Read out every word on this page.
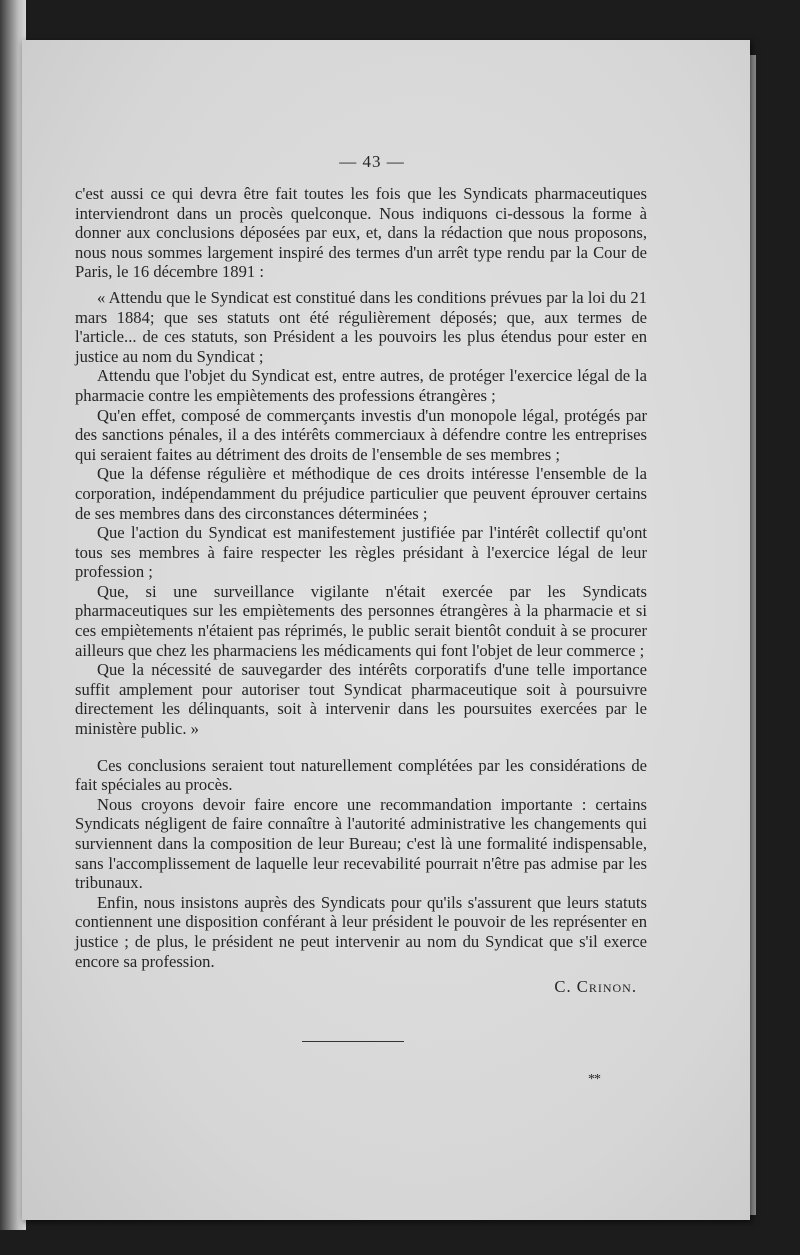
— 43 —

c'est aussi ce qui devra être fait toutes les fois que les Syndicats pharmaceutiques interviendront dans un procès quelconque. Nous indiquons ci-dessous la forme à donner aux conclusions déposées par eux, et, dans la rédaction que nous proposons, nous nous sommes largement inspiré des termes d'un arrêt type rendu par la Cour de Paris, le 16 décembre 1891 :

« Attendu que le Syndicat est constitué dans les conditions prévues par la loi du 21 mars 1884; que ses statuts ont été régulièrement déposés; que, aux termes de l'article... de ces statuts, son Président a les pouvoirs les plus étendus pour ester en justice au nom du Syndicat ;

Attendu que l'objet du Syndicat est, entre autres, de protéger l'exercice légal de la pharmacie contre les empiètements des professions étrangères ;

Qu'en effet, composé de commerçants investis d'un monopole légal, protégés par des sanctions pénales, il a des intérêts commerciaux à défendre contre les entreprises qui seraient faites au détriment des droits de l'ensemble de ses membres ;

Que la défense régulière et méthodique de ces droits intéresse l'ensemble de la corporation, indépendamment du préjudice particulier que peuvent éprouver certains de ses membres dans des circonstances déterminées ;

Que l'action du Syndicat est manifestement justifiée par l'intérêt collectif qu'ont tous ses membres à faire respecter les règles présidant à l'exercice légal de leur profession ;

Que, si une surveillance vigilante n'était exercée par les Syndicats pharmaceutiques sur les empiètements des personnes étrangères à la pharmacie et si ces empiètements n'étaient pas réprimés, le public serait bientôt conduit à se procurer ailleurs que chez les pharmaciens les médicaments qui font l'objet de leur commerce ;

Que la nécessité de sauvegarder des intérêts corporatifs d'une telle importance suffit amplement pour autoriser tout Syndicat pharmaceutique soit à poursuivre directement les délinquants, soit à intervenir dans les poursuites exercées par le ministère public. »

Ces conclusions seraient tout naturellement complétées par les considérations de fait spéciales au procès.

Nous croyons devoir faire encore une recommandation importante : certains Syndicats négligent de faire connaître à l'autorité administrative les changements qui surviennent dans la composition de leur Bureau; c'est là une formalité indispensable, sans l'accomplissement de laquelle leur recevabilité pourrait n'être pas admise par les tribunaux.

Enfin, nous insistons auprès des Syndicats pour qu'ils s'assurent que leurs statuts contiennent une disposition conférant à leur président le pouvoir de les représenter en justice ; de plus, le président ne peut intervenir au nom du Syndicat que s'il exerce encore sa profession.

C. Crinon.
**
